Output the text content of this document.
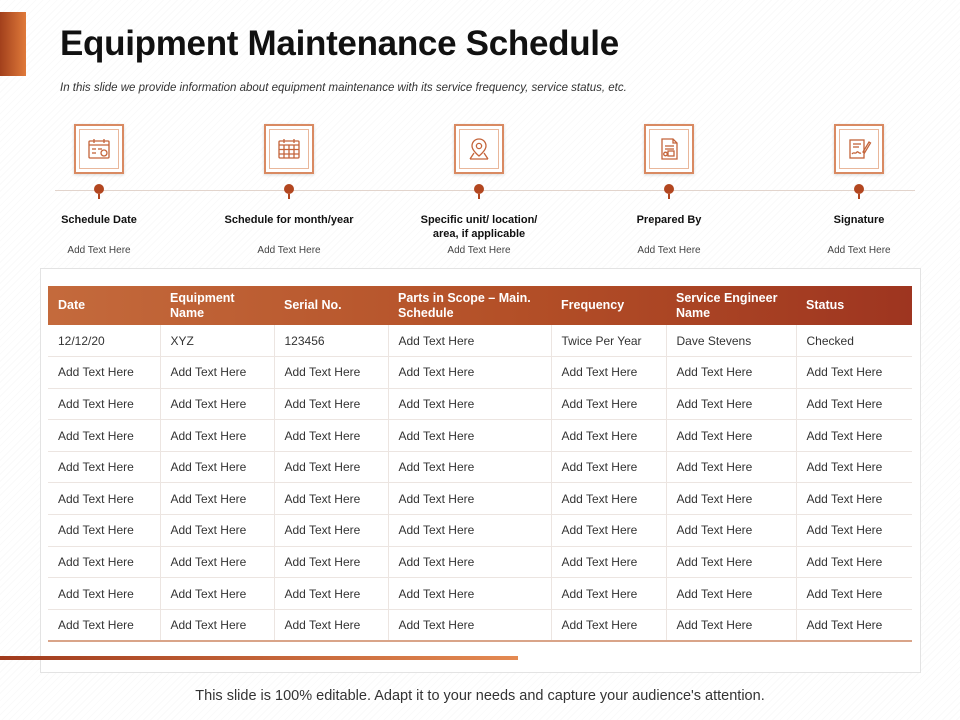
Equipment Maintenance Schedule

In this slide we provide information about equipment maintenance with its service frequency, service status, etc.

Schedule Date
Add Text Here
Schedule for month/year
Add Text Here
Specific unit/ location/ area, if applicable
Add Text Here
Prepared By
Add Text Here
Signature
Add Text Here
Date	Equipment Name	Serial No.	Parts in Scope – Main. Schedule	Frequency	Service Engineer Name	Status
12/12/20	XYZ	123456	Add Text Here	Twice Per Year	Dave Stevens	Checked
Add Text Here	Add Text Here	Add Text Here	Add Text Here	Add Text Here	Add Text Here	Add Text Here
Add Text Here	Add Text Here	Add Text Here	Add Text Here	Add Text Here	Add Text Here	Add Text Here
Add Text Here	Add Text Here	Add Text Here	Add Text Here	Add Text Here	Add Text Here	Add Text Here
Add Text Here	Add Text Here	Add Text Here	Add Text Here	Add Text Here	Add Text Here	Add Text Here
Add Text Here	Add Text Here	Add Text Here	Add Text Here	Add Text Here	Add Text Here	Add Text Here
Add Text Here	Add Text Here	Add Text Here	Add Text Here	Add Text Here	Add Text Here	Add Text Here
Add Text Here	Add Text Here	Add Text Here	Add Text Here	Add Text Here	Add Text Here	Add Text Here
Add Text Here	Add Text Here	Add Text Here	Add Text Here	Add Text Here	Add Text Here	Add Text Here
Add Text Here	Add Text Here	Add Text Here	Add Text Here	Add Text Here	Add Text Here	Add Text Here

This slide is 100% editable. Adapt it to your needs and capture your audience's attention.
